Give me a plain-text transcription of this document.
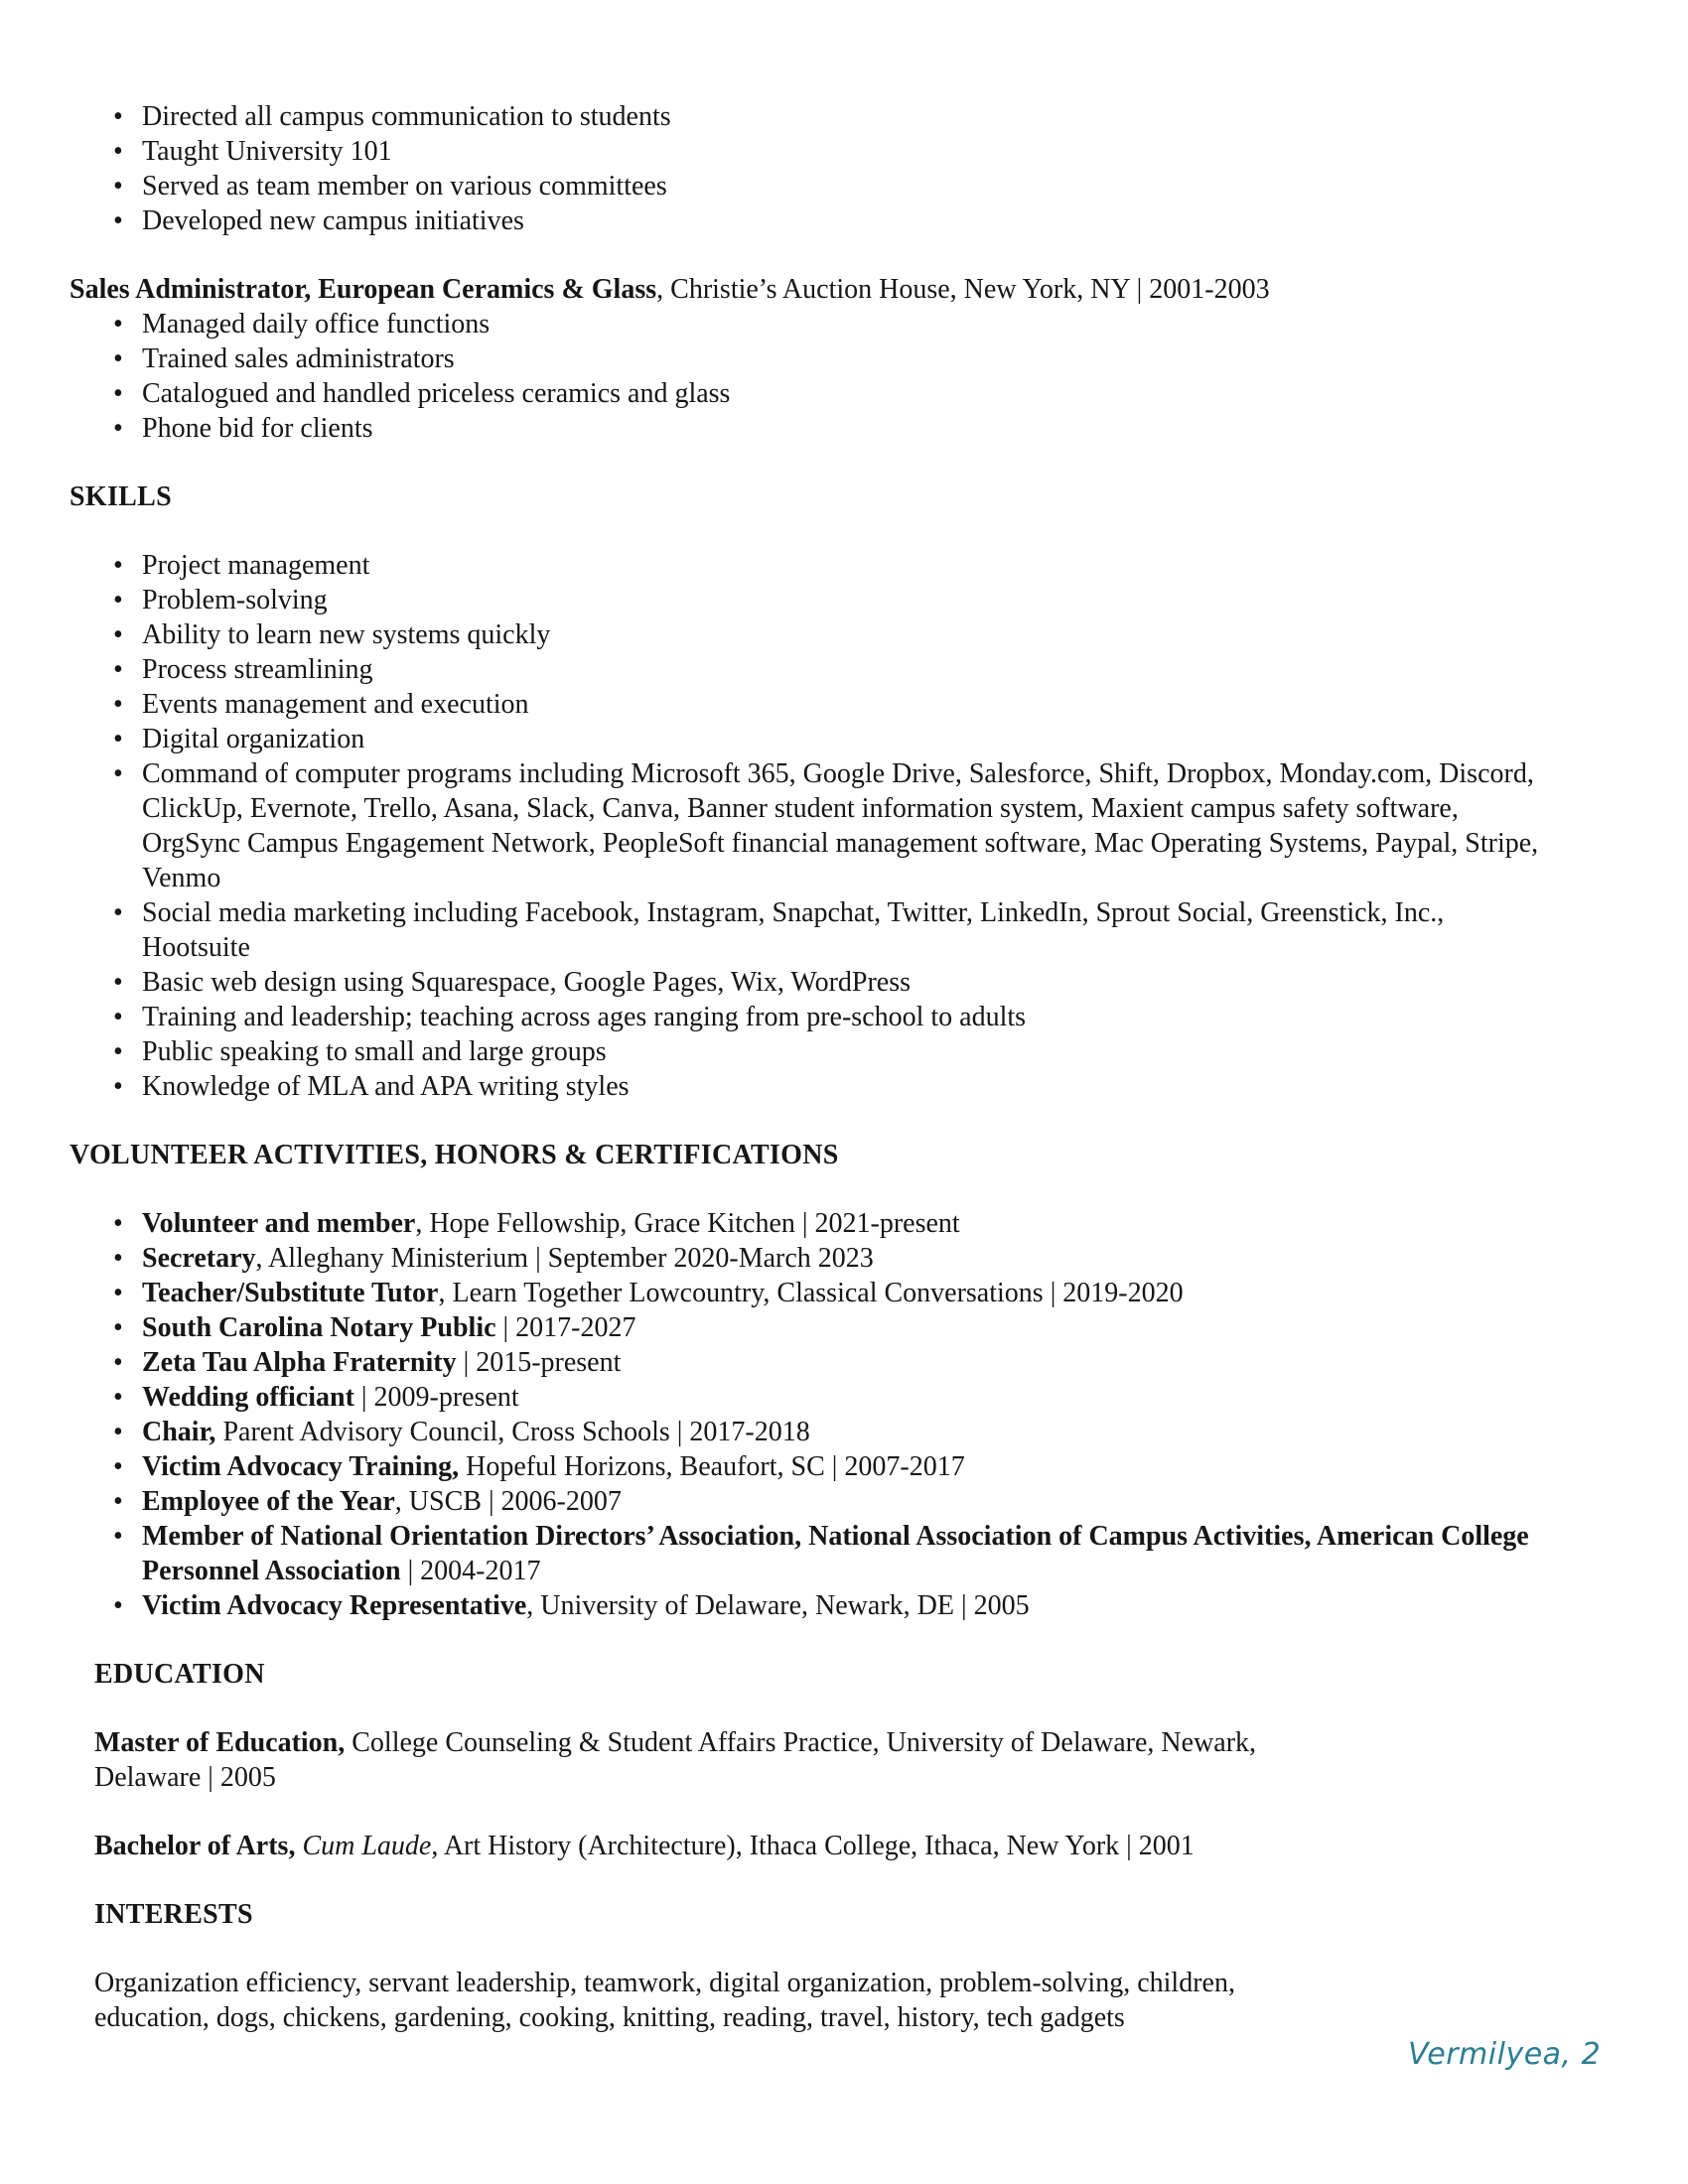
• Directed all campus communication to students
• Taught University 101
• Served as team member on various committees
• Developed new campus initiatives

Sales Administrator, European Ceramics & Glass, Christie’s Auction House, New York, NY | 2001-2003

• Managed daily office functions
• Trained sales administrators
• Catalogued and handled priceless ceramics and glass
• Phone bid for clients
SKILLS
• Project management
• Problem-solving
• Ability to learn new systems quickly
• Process streamlining
• Events management and execution
• Digital organization
• Command of computer programs including Microsoft 365, Google Drive, Salesforce, Shift, Dropbox, Monday.com, Discord, ClickUp, Evernote, Trello, Asana, Slack, Canva, Banner student information system, Maxient campus safety software, OrgSync Campus Engagement Network, PeopleSoft financial management software, Mac Operating Systems, Paypal, Stripe, Venmo
• Social media marketing including Facebook, Instagram, Snapchat, Twitter, LinkedIn, Sprout Social, Greenstick, Inc., Hootsuite
• Basic web design using Squarespace, Google Pages, Wix, WordPress
• Training and leadership; teaching across ages ranging from pre-school to adults
• Public speaking to small and large groups
• Knowledge of MLA and APA writing styles
VOLUNTEER ACTIVITIES, HONORS & CERTIFICATIONS
• Volunteer and member, Hope Fellowship, Grace Kitchen | 2021-present
• Secretary, Alleghany Ministerium | September 2020-March 2023
• Teacher/Substitute Tutor, Learn Together Lowcountry, Classical Conversations | 2019-2020
• South Carolina Notary Public | 2017-2027
• Zeta Tau Alpha Fraternity | 2015-present
• Wedding officiant | 2009-present
• Chair, Parent Advisory Council, Cross Schools | 2017-2018
• Victim Advocacy Training, Hopeful Horizons, Beaufort, SC | 2007-2017
• Employee of the Year, USCB | 2006-2007
• Member of National Orientation Directors’ Association, National Association of Campus Activities, American College Personnel Association | 2004-2017
• Victim Advocacy Representative, University of Delaware, Newark, DE | 2005
EDUCATION

Master of Education, College Counseling & Student Affairs Practice, University of Delaware, Newark,
Delaware | 2005

Bachelor of Arts, Cum Laude, Art History (Architecture), Ithaca College, Ithaca, New York | 2001

INTERESTS

Organization efficiency, servant leadership, teamwork, digital organization, problem-solving, children,
education, dogs, chickens, gardening, cooking, knitting, reading, travel, history, tech gadgets

Vermilyea, 2
